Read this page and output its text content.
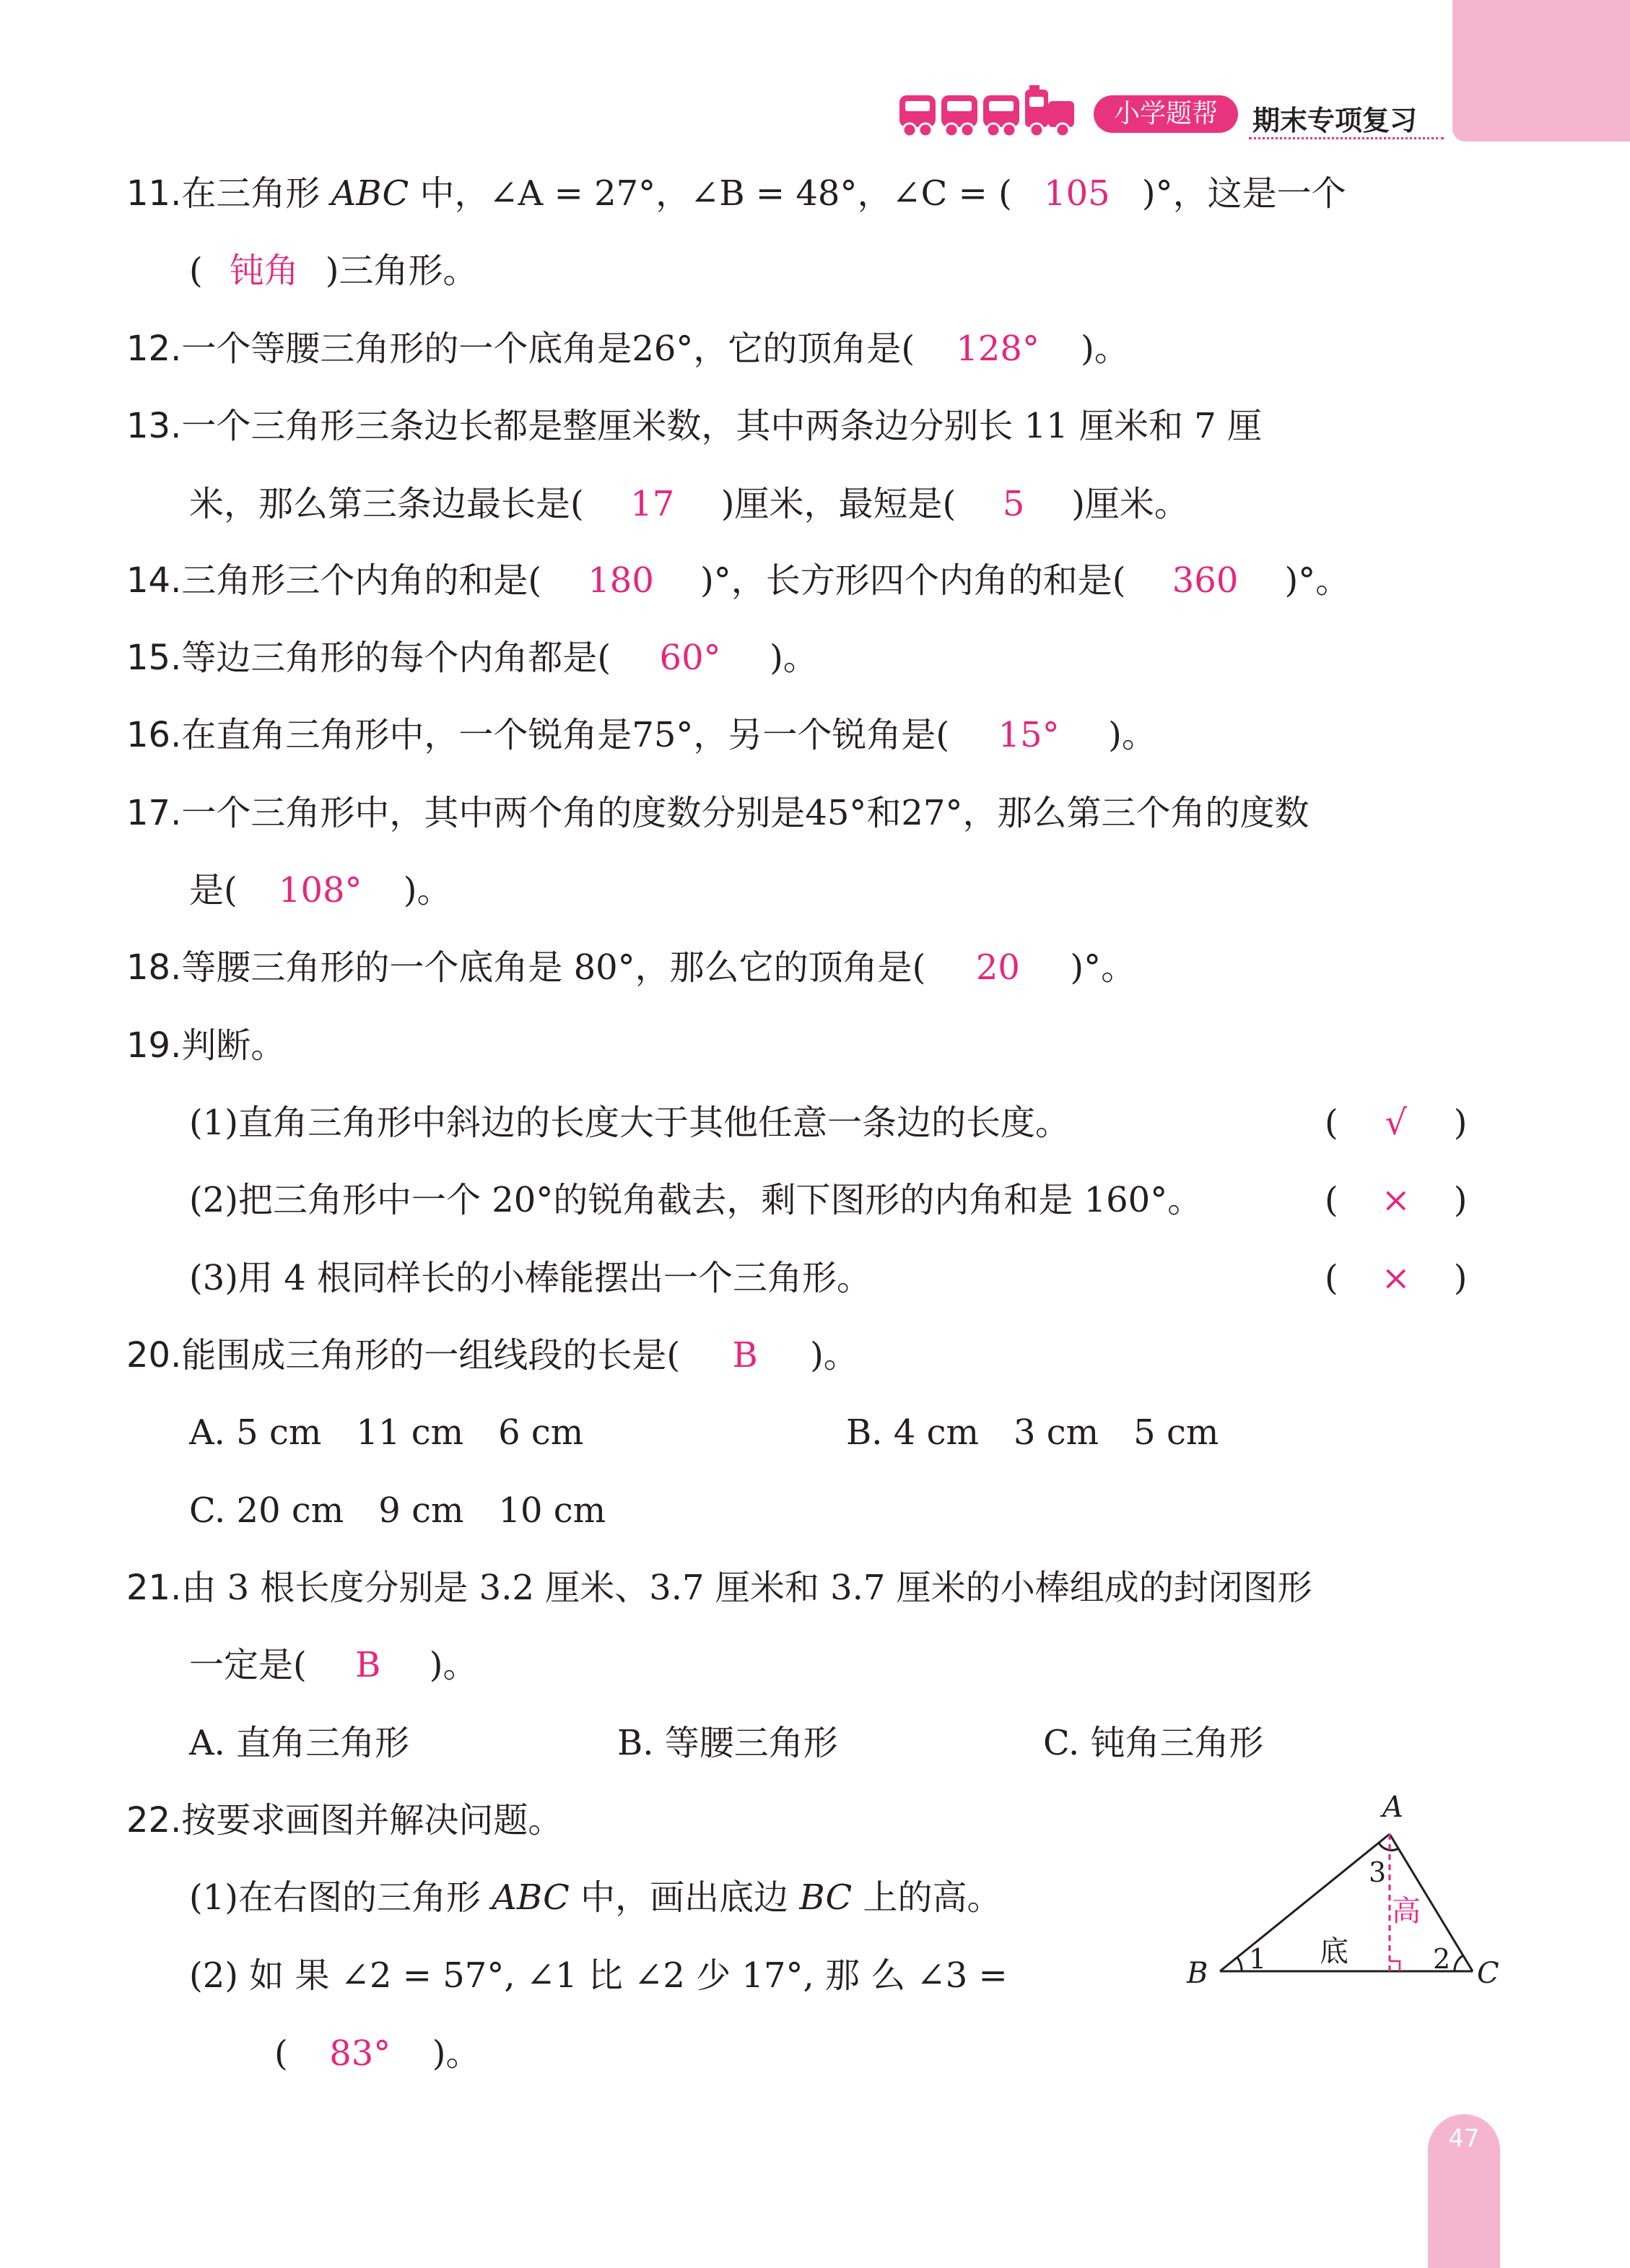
47
小学题帮	期末专项复习
11.在三角形 ABC 中，∠A = 27°，∠B = 48°，∠C = ( 105 )°，这是一个
( 钝角 )三角形。
12.一个等腰三角形的一个底角是26°，它的顶角是( 128° )。
13.一个三角形三条边长都是整厘米数，其中两条边分别长 11 厘米和 7 厘
米，那么第三条边最长是( 17 )厘米，最短是( 5 )厘米。
14.三角形三个内角的和是( 180 )°，长方形四个内角的和是( 360 )°。
15.等边三角形的每个内角都是( 60° )。
16.在直角三角形中，一个锐角是75°，另一个锐角是( 15° )。
17.一个三角形中，其中两个角的度数分别是45°和27°，那么第三个角的度数
是( 108° )。
18.等腰三角形的一个底角是 80°，那么它的顶角是( 20 )°。
19.判断。
(1)直角三角形中斜边的长度大于其他任意一条边的长度。	( √ )
(2)把三角形中一个 20°的锐角截去，剩下图形的内角和是 160°。	( × )
(3)用 4 根同样长的小棒能摆出一个三角形。	( × )
20.能围成三角形的一组线段的长是( B )。
A. 5 cm　11 cm　6 cm	B. 4 cm　3 cm　5 cm
C. 20 cm　9 cm　10 cm
21.由 3 根长度分别是 3.2 厘米、3.7 厘米和 3.7 厘米的小棒组成的封闭图形
一定是( B )。
A. 直角三角形	B. 等腰三角形	C. 钝角三角形
22.按要求画图并解决问题。
(1)在右图的三角形 ABC 中，画出底边 BC 上的高。
(2) 如 果 ∠2 = 57°, ∠1 比 ∠2 少 17°, 那 么 ∠3 =
( 83° )。
A
B	C
1	2
3
底
高
